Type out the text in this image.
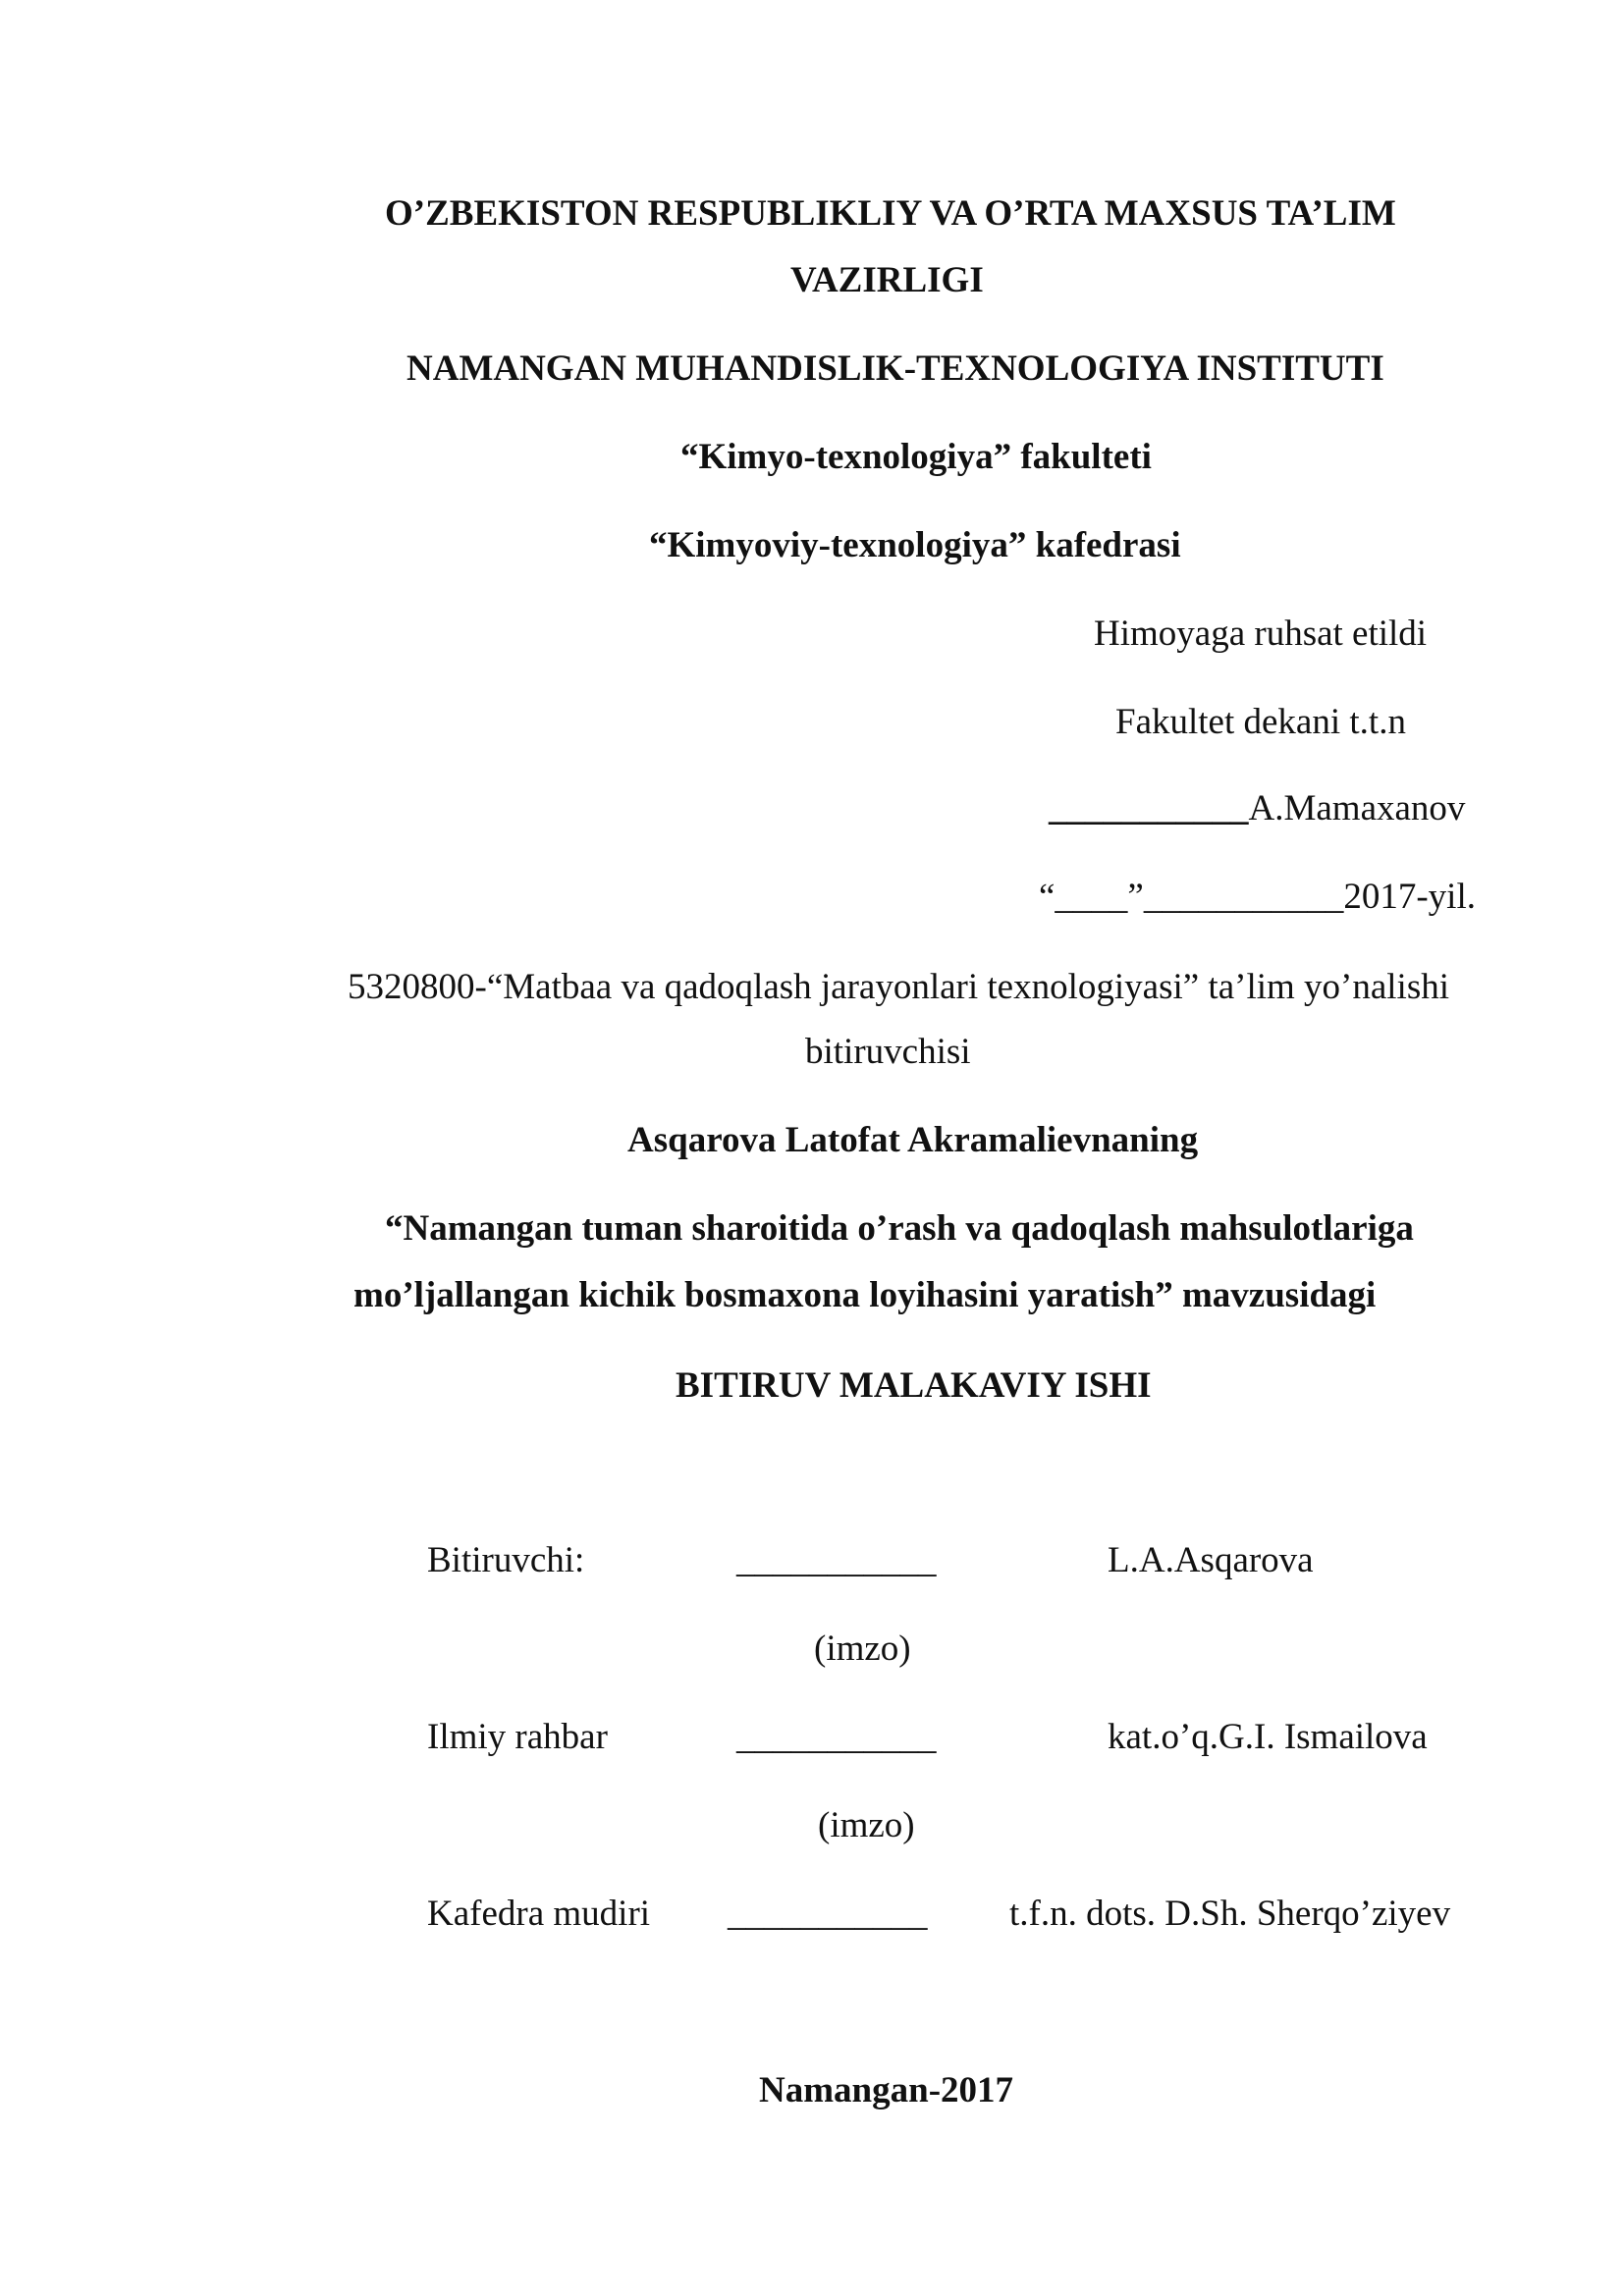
O’ZBEKISTON RESPUBLIKLIY VA O’RTA MAXSUS TA’LIM
VAZIRLIGI
NAMANGAN MUHANDISLIK-TEXNOLOGIYA INSTITUTI
“Kimyo-texnologiya” fakulteti
“Kimyoviy-texnologiya” kafedrasi
Himoyaga ruhsat etildi
Fakultet dekani t.t.n
___________A.Mamaxanov
“____”___________2017-yil.
5320800-“Matbaa va qadoqlash jarayonlari texnologiyasi” ta’lim yo’nalishi
bitiruvchisi
Asqarova Latofat Akramalievnaning
“Namangan tuman sharoitida o’rash va qadoqlash mahsulotlariga
mo’ljallangan kichik bosmaxona loyihasini yaratish” mavzusidagi
BITIRUV MALAKAVIY ISHI
Bitiruvchi:	___________	L.A.Asqarova
(imzo)
Ilmiy rahbar	___________	kat.o’q.G.I. Ismailova
(imzo)
Kafedra mudiri ___________ t.f.n. dots. D.Sh. Sherqo’ziyev
Namangan-2017
